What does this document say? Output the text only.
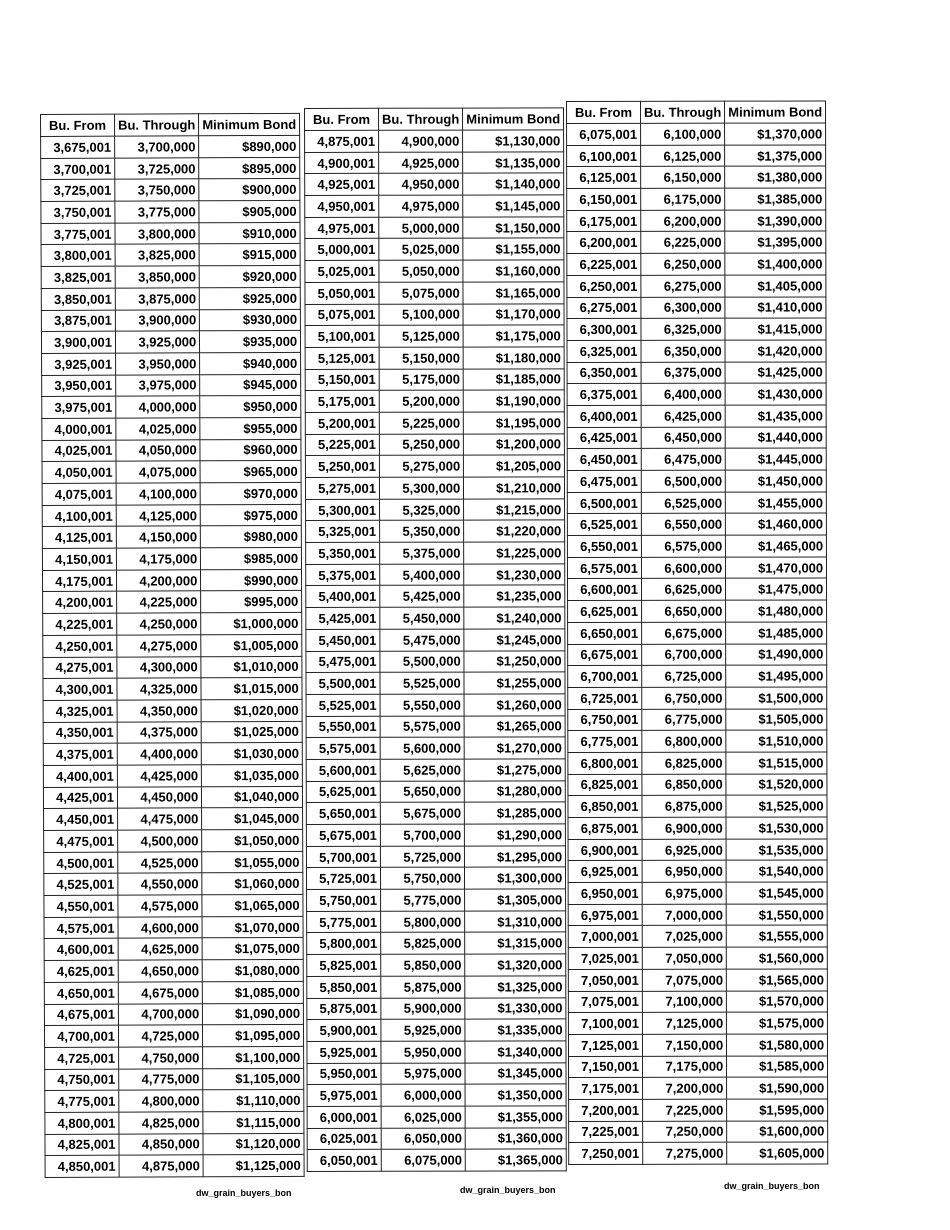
Bu. From	Bu. Through	Minimum Bond
3,675,001	3,700,000	$890,000
3,700,001	3,725,000	$895,000
3,725,001	3,750,000	$900,000
3,750,001	3,775,000	$905,000
3,775,001	3,800,000	$910,000
3,800,001	3,825,000	$915,000
3,825,001	3,850,000	$920,000
3,850,001	3,875,000	$925,000
3,875,001	3,900,000	$930,000
3,900,001	3,925,000	$935,000
3,925,001	3,950,000	$940,000
3,950,001	3,975,000	$945,000
3,975,001	4,000,000	$950,000
4,000,001	4,025,000	$955,000
4,025,001	4,050,000	$960,000
4,050,001	4,075,000	$965,000
4,075,001	4,100,000	$970,000
4,100,001	4,125,000	$975,000
4,125,001	4,150,000	$980,000
4,150,001	4,175,000	$985,000
4,175,001	4,200,000	$990,000
4,200,001	4,225,000	$995,000
4,225,001	4,250,000	$1,000,000
4,250,001	4,275,000	$1,005,000
4,275,001	4,300,000	$1,010,000
4,300,001	4,325,000	$1,015,000
4,325,001	4,350,000	$1,020,000
4,350,001	4,375,000	$1,025,000
4,375,001	4,400,000	$1,030,000
4,400,001	4,425,000	$1,035,000
4,425,001	4,450,000	$1,040,000
4,450,001	4,475,000	$1,045,000
4,475,001	4,500,000	$1,050,000
4,500,001	4,525,000	$1,055,000
4,525,001	4,550,000	$1,060,000
4,550,001	4,575,000	$1,065,000
4,575,001	4,600,000	$1,070,000
4,600,001	4,625,000	$1,075,000
4,625,001	4,650,000	$1,080,000
4,650,001	4,675,000	$1,085,000
4,675,001	4,700,000	$1,090,000
4,700,001	4,725,000	$1,095,000
4,725,001	4,750,000	$1,100,000
4,750,001	4,775,000	$1,105,000
4,775,001	4,800,000	$1,110,000
4,800,001	4,825,000	$1,115,000
4,825,001	4,850,000	$1,120,000
4,850,001	4,875,000	$1,125,000
Bu. From	Bu. Through	Minimum Bond
4,875,001	4,900,000	$1,130,000
4,900,001	4,925,000	$1,135,000
4,925,001	4,950,000	$1,140,000
4,950,001	4,975,000	$1,145,000
4,975,001	5,000,000	$1,150,000
5,000,001	5,025,000	$1,155,000
5,025,001	5,050,000	$1,160,000
5,050,001	5,075,000	$1,165,000
5,075,001	5,100,000	$1,170,000
5,100,001	5,125,000	$1,175,000
5,125,001	5,150,000	$1,180,000
5,150,001	5,175,000	$1,185,000
5,175,001	5,200,000	$1,190,000
5,200,001	5,225,000	$1,195,000
5,225,001	5,250,000	$1,200,000
5,250,001	5,275,000	$1,205,000
5,275,001	5,300,000	$1,210,000
5,300,001	5,325,000	$1,215,000
5,325,001	5,350,000	$1,220,000
5,350,001	5,375,000	$1,225,000
5,375,001	5,400,000	$1,230,000
5,400,001	5,425,000	$1,235,000
5,425,001	5,450,000	$1,240,000
5,450,001	5,475,000	$1,245,000
5,475,001	5,500,000	$1,250,000
5,500,001	5,525,000	$1,255,000
5,525,001	5,550,000	$1,260,000
5,550,001	5,575,000	$1,265,000
5,575,001	5,600,000	$1,270,000
5,600,001	5,625,000	$1,275,000
5,625,001	5,650,000	$1,280,000
5,650,001	5,675,000	$1,285,000
5,675,001	5,700,000	$1,290,000
5,700,001	5,725,000	$1,295,000
5,725,001	5,750,000	$1,300,000
5,750,001	5,775,000	$1,305,000
5,775,001	5,800,000	$1,310,000
5,800,001	5,825,000	$1,315,000
5,825,001	5,850,000	$1,320,000
5,850,001	5,875,000	$1,325,000
5,875,001	5,900,000	$1,330,000
5,900,001	5,925,000	$1,335,000
5,925,001	5,950,000	$1,340,000
5,950,001	5,975,000	$1,345,000
5,975,001	6,000,000	$1,350,000
6,000,001	6,025,000	$1,355,000
6,025,001	6,050,000	$1,360,000
6,050,001	6,075,000	$1,365,000
Bu. From	Bu. Through	Minimum Bond
6,075,001	6,100,000	$1,370,000
6,100,001	6,125,000	$1,375,000
6,125,001	6,150,000	$1,380,000
6,150,001	6,175,000	$1,385,000
6,175,001	6,200,000	$1,390,000
6,200,001	6,225,000	$1,395,000
6,225,001	6,250,000	$1,400,000
6,250,001	6,275,000	$1,405,000
6,275,001	6,300,000	$1,410,000
6,300,001	6,325,000	$1,415,000
6,325,001	6,350,000	$1,420,000
6,350,001	6,375,000	$1,425,000
6,375,001	6,400,000	$1,430,000
6,400,001	6,425,000	$1,435,000
6,425,001	6,450,000	$1,440,000
6,450,001	6,475,000	$1,445,000
6,475,001	6,500,000	$1,450,000
6,500,001	6,525,000	$1,455,000
6,525,001	6,550,000	$1,460,000
6,550,001	6,575,000	$1,465,000
6,575,001	6,600,000	$1,470,000
6,600,001	6,625,000	$1,475,000
6,625,001	6,650,000	$1,480,000
6,650,001	6,675,000	$1,485,000
6,675,001	6,700,000	$1,490,000
6,700,001	6,725,000	$1,495,000
6,725,001	6,750,000	$1,500,000
6,750,001	6,775,000	$1,505,000
6,775,001	6,800,000	$1,510,000
6,800,001	6,825,000	$1,515,000
6,825,001	6,850,000	$1,520,000
6,850,001	6,875,000	$1,525,000
6,875,001	6,900,000	$1,530,000
6,900,001	6,925,000	$1,535,000
6,925,001	6,950,000	$1,540,000
6,950,001	6,975,000	$1,545,000
6,975,001	7,000,000	$1,550,000
7,000,001	7,025,000	$1,555,000
7,025,001	7,050,000	$1,560,000
7,050,001	7,075,000	$1,565,000
7,075,001	7,100,000	$1,570,000
7,100,001	7,125,000	$1,575,000
7,125,001	7,150,000	$1,580,000
7,150,001	7,175,000	$1,585,000
7,175,001	7,200,000	$1,590,000
7,200,001	7,225,000	$1,595,000
7,225,001	7,250,000	$1,600,000
7,250,001	7,275,000	$1,605,000
dw_grain_buyers_bon	dw_grain_buyers_bon	dw_grain_buyers_bon
